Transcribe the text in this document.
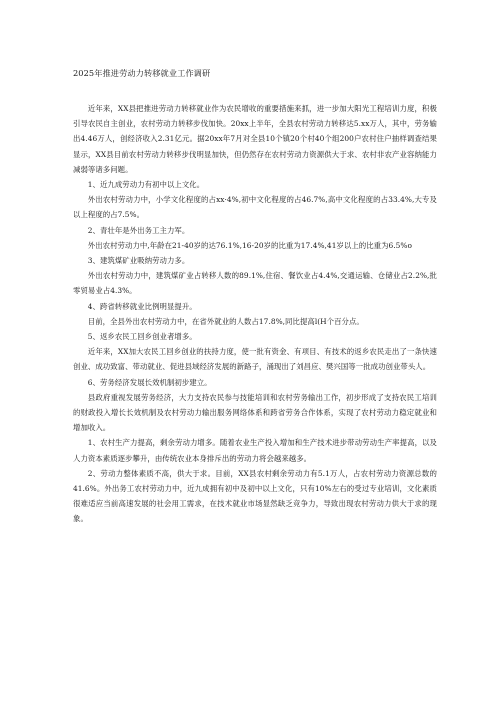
2025年推进劳动力转移就业工作调研

近年来，XX县把推进劳动力转移就业作为农民增收的重要措施来抓，进一步加大阳光工程培训力度，积极引导农民自主创业，农村劳动力转移步伐加快。20xx上半年，全县农村劳动力转移达5.xx万人，其中，劳务输出4.46万人，创经济收入2.31亿元。据20xx年7月对全县10个镇20个村40个组200户农村住户抽样调查结果显示，XX县目前农村劳动力转移步伐明显加快，但仍然存在农村劳动力资源供大于求、农村非农产业容纳能力减弱等诸多问题。

1、近九成劳动力有初中以上文化。

外出农村劳动力中，小学文化程度的占xx·4%,初中文化程度的占46.7%,高中文化程度的占33.4%,大专及以上程度的占7.5%。

2、青壮年是外出务工主力军。

外出农村劳动力中,年龄在21-40岁的达76.1%,16-20岁的比重为17.4%,41岁以上的比重为6.5%o

3、建筑煤矿业吸纳劳动力多。

外出农村劳动力中，建筑煤矿业占转移人数的89.1%,住宿、餐饮业占4.4%,交通运输、仓储业占2.2%,批零贸易业占4.3%。

4、跨省转移就业比例明显提升。

目前，全县外出农村劳动力中，在省外就业的人数占17.8%,同比提高l(H个百分点。

5、返乡农民工回乡创业者增多。

近年来，XX加大农民工回乡创业的扶持力度，使一批有资金、有项目、有技术的返乡农民走出了一条快速创业、成功致富、带动就业、促进县域经济发展的新路子，涌现出了刘昌应、樊兴国等一批成功创业带头人。

6、劳务经济发展长效机制初步建立。

县政府重视发展劳务经济，大力支持农民参与技能培训和农村劳务输出工作，初步形成了支持农民工培训的财政投入增长长效机制及农村劳动力输出服务网络体系和跨省劳务合作体系，实现了农村劳动力稳定就业和增加收入。

1、农村生产力提高，剩余劳动力增多。随着农业生产投入增加和生产技术进步带动劳动生产率提高，以及人力资本素质逐步攀升，由传统农业本身排斥出的劳动力将会越来越多。

2、劳动力整体素质不高，供大于求。目前，XX县农村剩余劳动力有5.1万人，占农村劳动力资源总数的41.6%。外出务工农村劳动力中，近九成拥有初中及初中以上文化，只有10%左右的受过专业培训，文化素质很难适应当前高速发展的社会用工需求，在技术就业市场显然缺乏竞争力，导致出现农村劳动力供大于求的现象。
